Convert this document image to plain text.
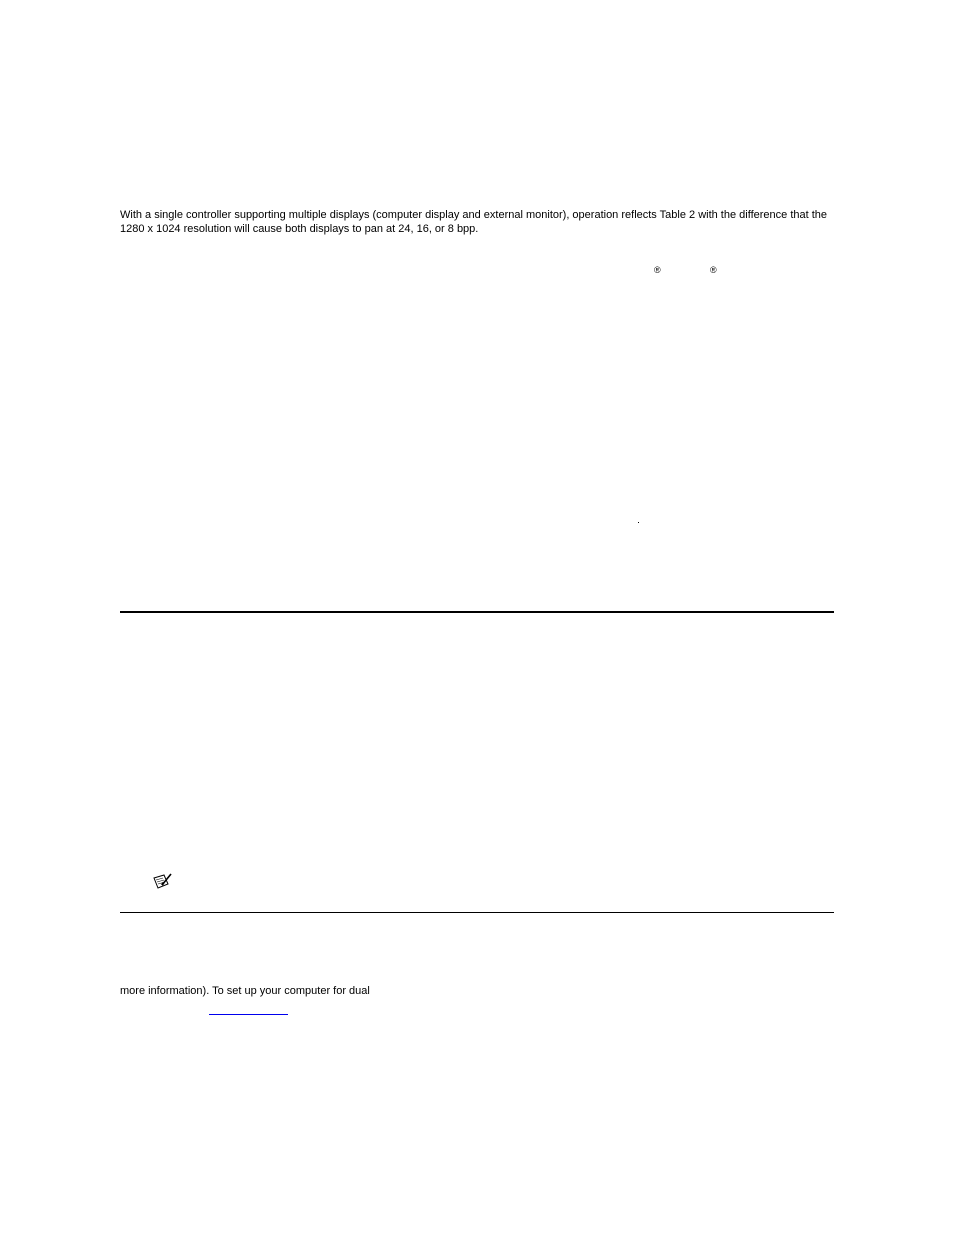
With a single controller supporting multiple displays (computer display and external monitor), operation reflects Table 2 with the difference that the

1280 x 1024 resolution will cause both displays to pan at 24, 16, or 8 bpp.

®	®

more information). To set up your computer for dual
